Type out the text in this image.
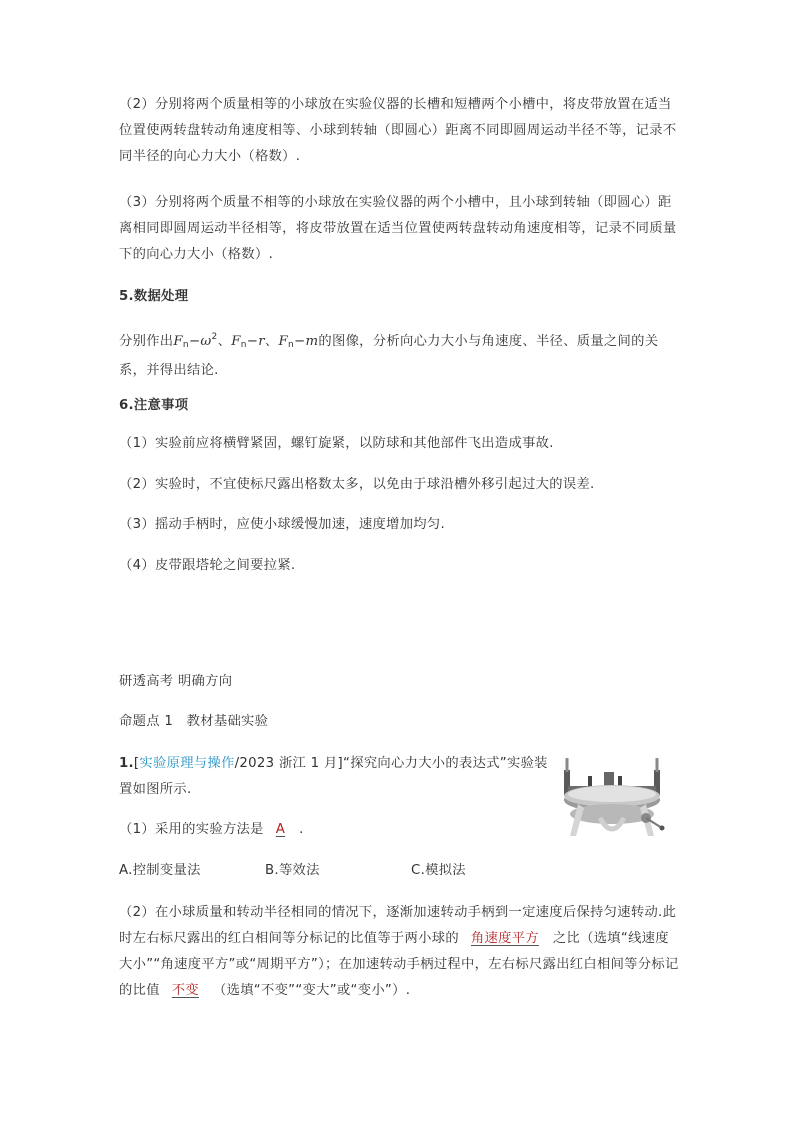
（2）分别将两个质量相等的小球放在实验仪器的长槽和短槽两个小槽中，将皮带放置在适当位置使两转盘转动角速度相等、小球到转轴（即圆心）距离不同即圆周运动半径不等，记录不同半径的向心力大小（格数）.

（3）分别将两个质量不相等的小球放在实验仪器的两个小槽中，且小球到转轴（即圆心）距离相同即圆周运动半径相等，将皮带放置在适当位置使两转盘转动角速度相等，记录不同质量下的向心力大小（格数）.

5.数据处理

分别作出$F_n-\omega^2$、$F_n-r$、$F_n-m$的图像，分析向心力大小与角速度、半径、质量之间的关系，并得出结论.

6.注意事项

（1）实验前应将横臂紧固，螺钉旋紧，以防球和其他部件飞出造成事故.

（2）实验时，不宜使标尺露出格数太多，以免由于球沿槽外移引起过大的误差.

（3）摇动手柄时，应使小球缓慢加速，速度增加均匀.

（4）皮带跟塔轮之间要拉紧.

研透高考 明确方向

命题点 1　教材基础实验

1.[实验原理与操作/2023 浙江 1 月]“探究向心力大小的表达式”实验装置如图所示.

（1）采用的实验方法是 A .

A.控制变量法	B.等效法	C.模拟法

（2）在小球质量和转动半径相同的情况下，逐渐加速转动手柄到一定速度后保持匀速转动.此时左右标尺露出的红白相间等分标记的比值等于两小球的 角速度平方 之比（选填“线速度大小”“角速度平方”或“周期平方”）；在加速转动手柄过程中，左右标尺露出红白相间等分标记的比值 不变 （选填“不变”“变大”或“变小”）.
